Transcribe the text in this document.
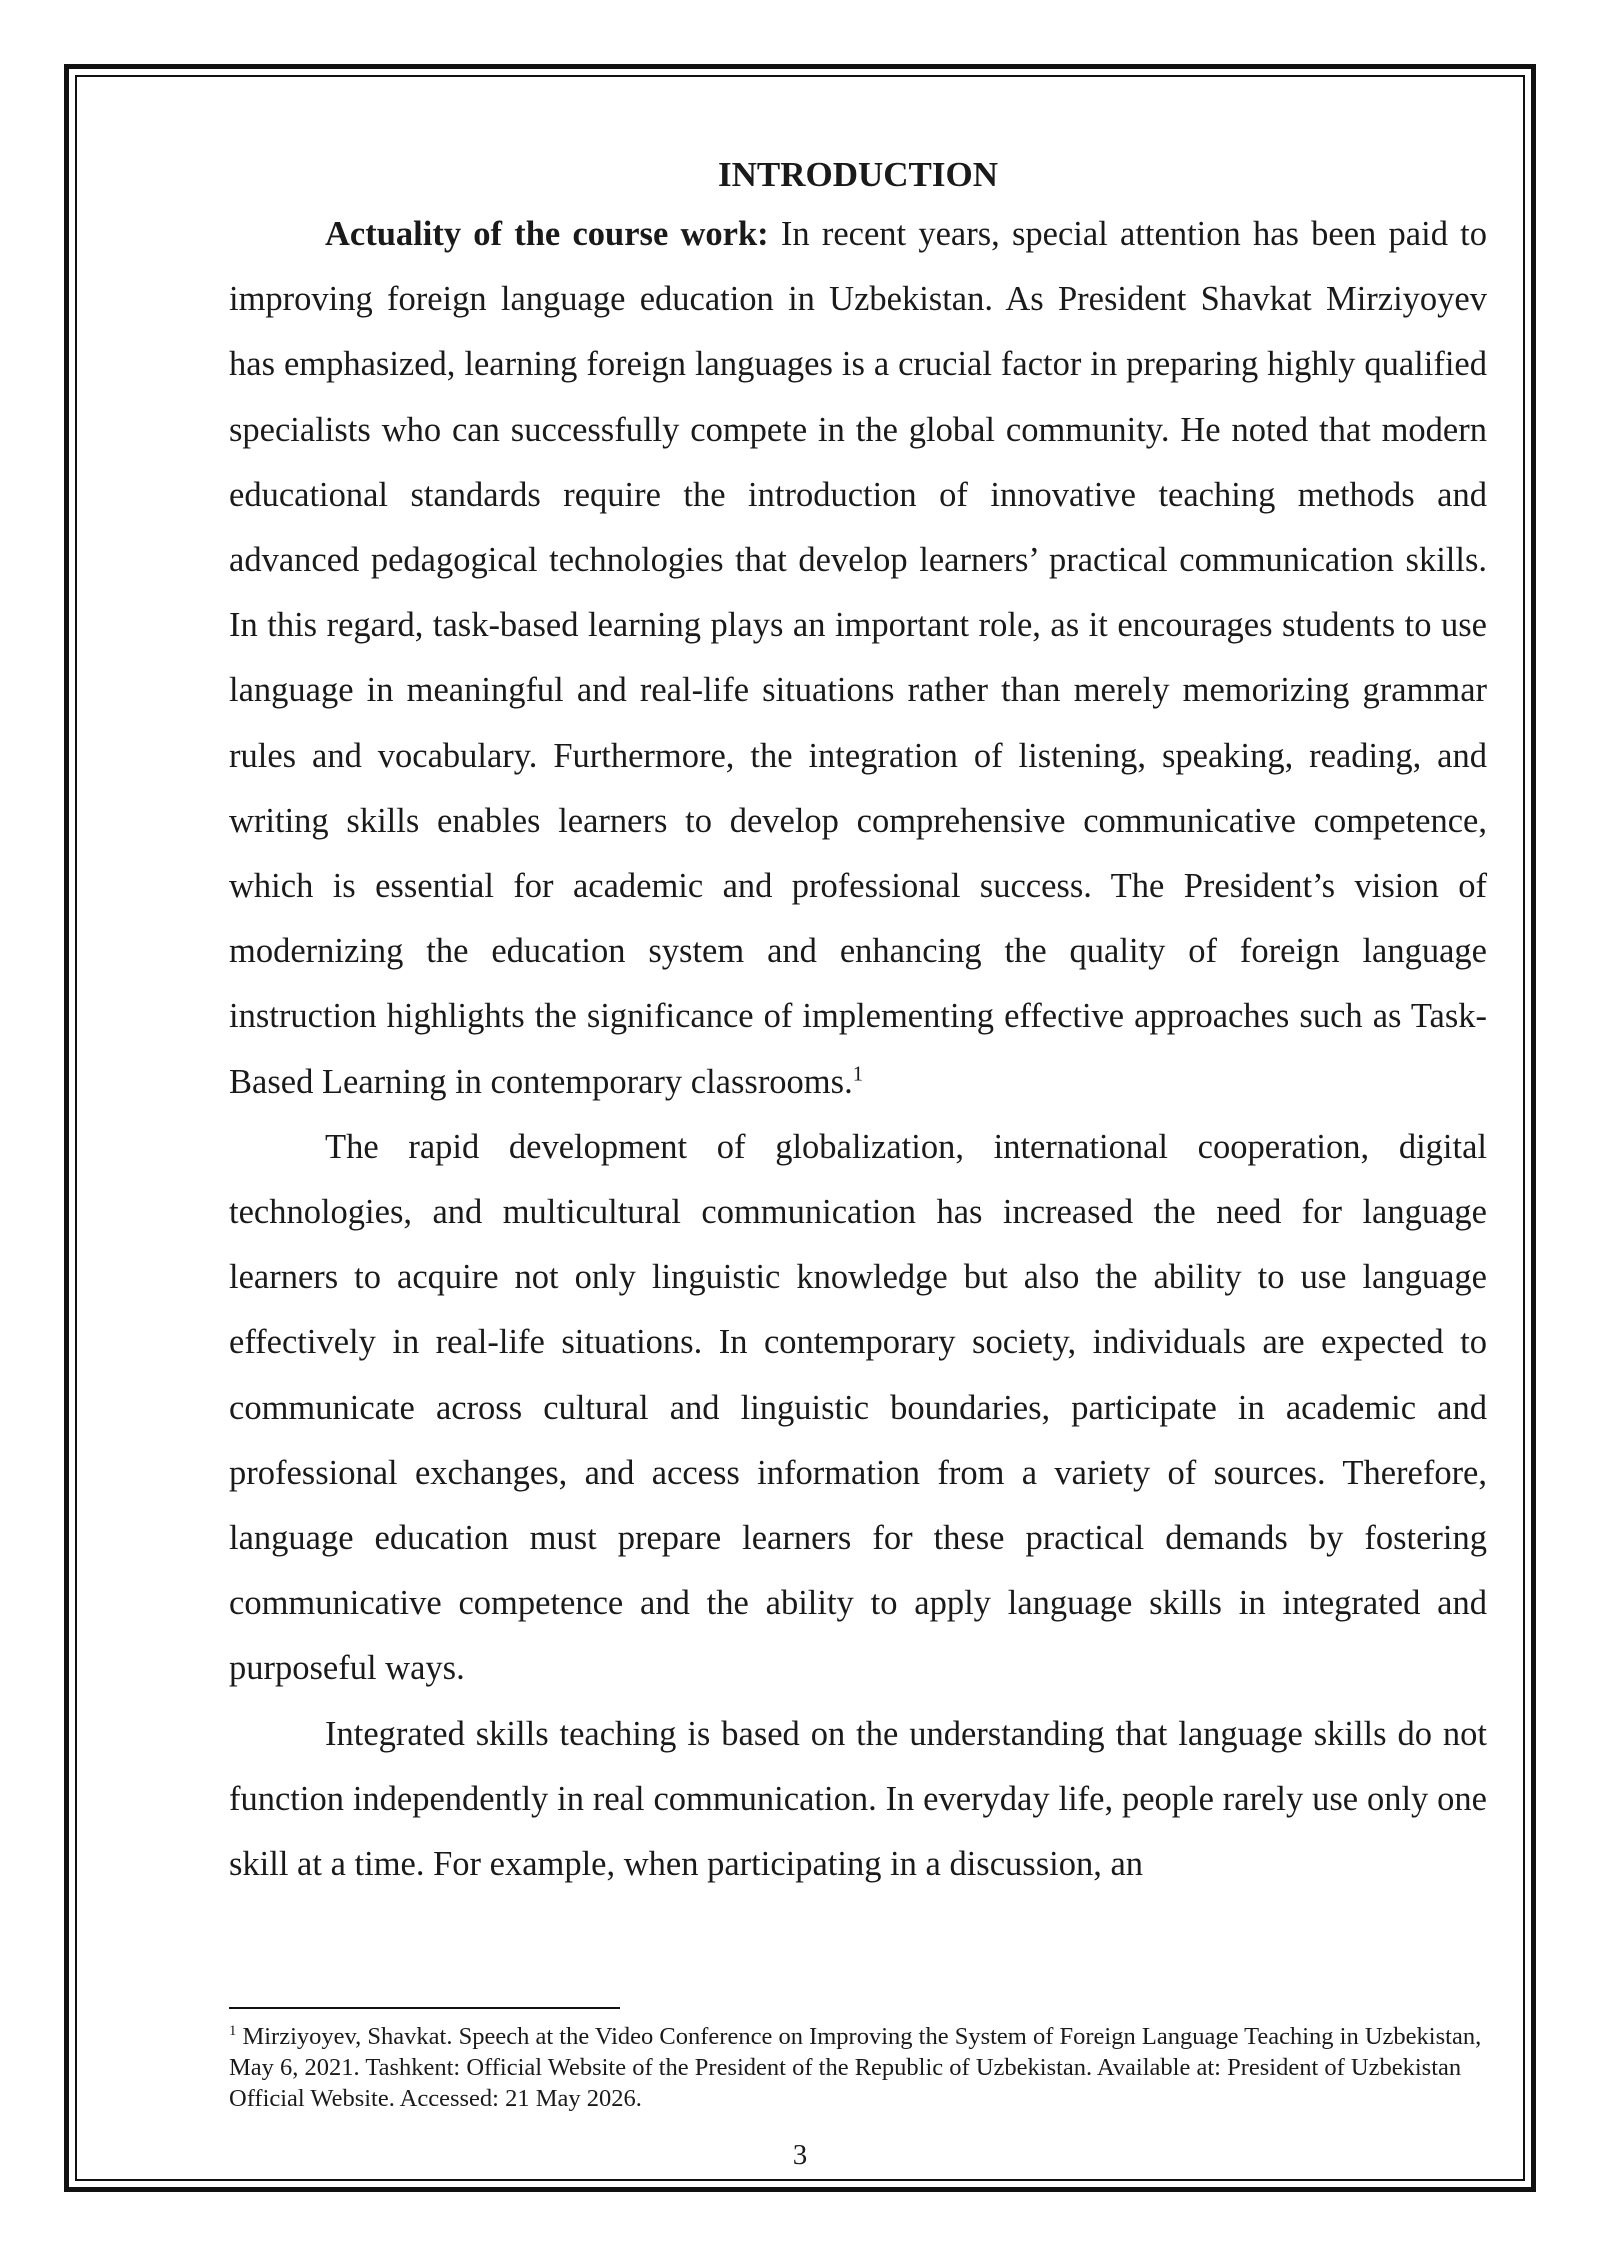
INTRODUCTION

Actuality of the course work: In recent years, special attention has been paid to improving foreign language education in Uzbekistan. As President Shavkat Mirziyoyev has emphasized, learning foreign languages is a crucial factor in preparing highly qualified specialists who can successfully compete in the global community. He noted that modern educational standards require the introduction of innovative teaching methods and advanced pedagogical technologies that develop learners’ practical communication skills. In this regard, task-based learning plays an important role, as it encourages students to use language in meaningful and real-life situations rather than merely memorizing grammar rules and vocabulary. Furthermore, the integration of listening, speaking, reading, and writing skills enables learners to develop comprehensive communicative competence, which is essential for academic and professional success. The President’s vision of modernizing the education system and enhancing the quality of foreign language instruction highlights the significance of implementing effective approaches such as Task-Based Learning in contemporary classrooms.$^1$

The rapid development of globalization, international cooperation, digital technologies, and multicultural communication has increased the need for language learners to acquire not only linguistic knowledge but also the ability to use language effectively in real-life situations. In contemporary society, individuals are expected to communicate across cultural and linguistic boundaries, participate in academic and professional exchanges, and access information from a variety of sources. Therefore, language education must prepare learners for these practical demands by fostering communicative competence and the ability to apply language skills in integrated and purposeful ways.

Integrated skills teaching is based on the understanding that language skills do not function independently in real communication. In everyday life, people rarely use only one skill at a time. For example, when participating in a discussion, an

$^1$ Mirziyoyev, Shavkat. Speech at the Video Conference on Improving the System of Foreign Language Teaching in Uzbekistan, May 6, 2021. Tashkent: Official Website of the President of the Republic of Uzbekistan. Available at: President of Uzbekistan Official Website. Accessed: 21 May 2026.

3
